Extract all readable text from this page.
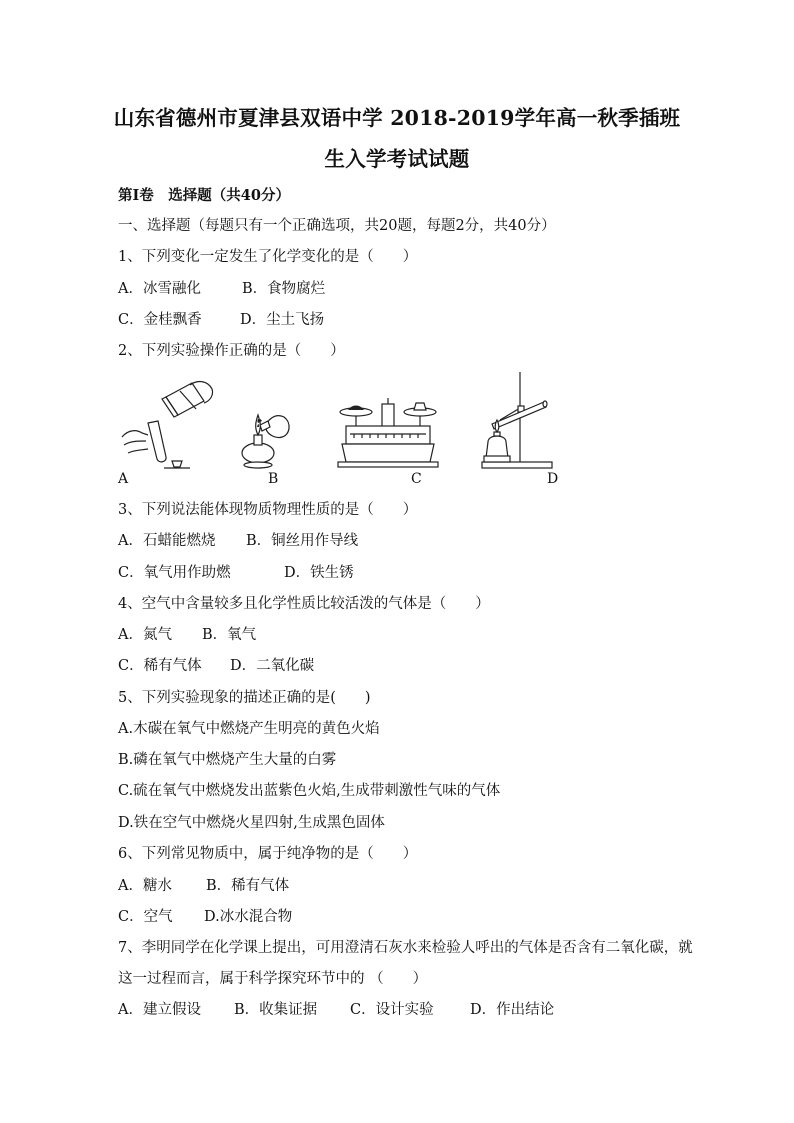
山东省德州市夏津县双语中学 2018-2019学年高一秋季插班
生入学考试试题
第Ⅰ卷　选择题（共40分）
一、选择题（每题只有一个正确选项，共20题，每题2分，共40分）
1、下列变化一定发生了化学变化的是（　　）
A．冰雪融化	B．食物腐烂
C．金桂飘香	D．尘土飞扬
2、下列实验操作正确的是（　　）
A	B	C	D
3、下列说法能体现物质物理性质的是（　　）
A．石蜡能燃烧 B．铜丝用作导线
C．氧气用作助燃	D．铁生锈
4、空气中含量较多且化学性质比较活泼的气体是（　　）
A．氮气 B．氧气
C．稀有气体 D．二氧化碳
5、下列实验现象的描述正确的是(　　)
A.木碳在氧气中燃烧产生明亮的黄色火焰
B.磷在氧气中燃烧产生大量的白雾
C.硫在氧气中燃烧发出蓝紫色火焰,生成带刺激性气味的气体
D.铁在空气中燃烧火星四射,生成黑色固体
6、下列常见物质中，属于纯净物的是（　　）
A．糖水 B．稀有气体
C．空气 D.冰水混合物
7、李明同学在化学课上提出，可用澄清石灰水来检验人呼出的气体是否含有二氧化碳，就
这一过程而言，属于科学探究环节中的 （　　）
A．建立假设 B．收集证据 C．设计实验	D．作出结论
